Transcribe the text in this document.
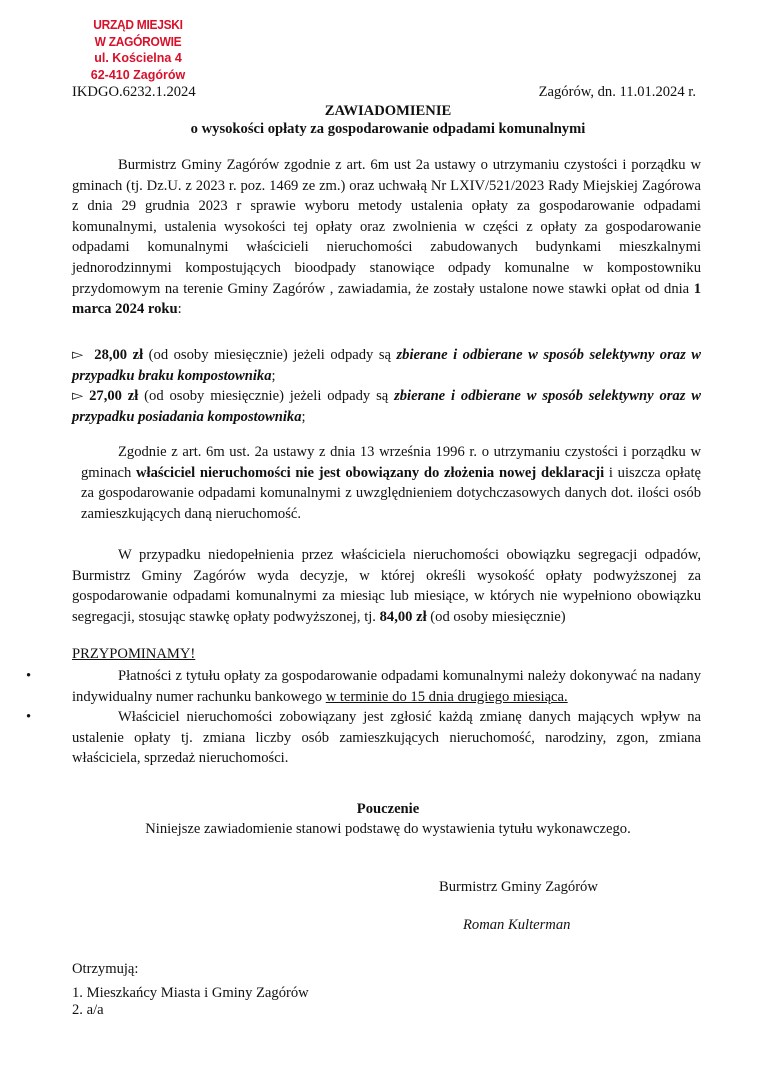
URZĄD MIEJSKI
W ZAGÓROWIE
ul. Kościelna 4
62-410 Zagórów
IKDGO.6232.1.2024	Zagórów, dn. 11.01.2024 r.
ZAWIADOMIENIE
o wysokości opłaty za gospodarowanie odpadami komunalnymi
Burmistrz Gminy Zagórów zgodnie z art. 6m ust 2a ustawy o utrzymaniu czystości i porządku w gminach (tj. Dz.U. z 2023 r. poz. 1469 ze zm.) oraz uchwałą Nr LXIV/521/2023 Rady Miejskiej Zagórowa z dnia 29 grudnia 2023 r sprawie wyboru metody ustalenia opłaty za gospodarowanie odpadami komunalnymi, ustalenia wysokości tej opłaty oraz zwolnienia w części z opłaty za gospodarowanie odpadami komunalnymi właścicieli nieruchomości zabudowanych budynkami mieszkalnymi jednorodzinnymi kompostujących bioodpady stanowiące odpady komunalne w kompostowniku przydomowym na terenie Gminy Zagórów , zawiadamia, że zostały ustalone nowe stawki opłat od dnia 1 marca 2024 roku:
▻ 28,00 zł (od osoby miesięcznie) jeżeli odpady są zbierane i odbierane w sposób selektywny oraz w przypadku braku kompostownika;
▻ 27,00 zł (od osoby miesięcznie) jeżeli odpady są zbierane i odbierane w sposób selektywny oraz w przypadku posiadania kompostownika;
Zgodnie z art. 6m ust. 2a ustawy z dnia 13 września 1996 r. o utrzymaniu czystości i porządku w gminach właściciel nieruchomości nie jest obowiązany do złożenia nowej deklaracji i uiszcza opłatę za gospodarowanie odpadami komunalnymi z uwzględnieniem dotychczasowych danych dot. ilości osób zamieszkujących daną nieruchomość.
W przypadku niedopełnienia przez właściciela nieruchomości obowiązku segregacji odpadów, Burmistrz Gminy Zagórów wyda decyzje, w której określi wysokość opłaty podwyższonej za gospodarowanie odpadami komunalnymi za miesiąc lub miesiące, w których nie wypełniono obowiązku segregacji, stosując stawkę opłaty podwyższonej, tj. 84,00 zł (od osoby miesięcznie)
PRZYPOMINAMY!
•	Płatności z tytułu opłaty za gospodarowanie odpadami komunalnymi należy dokonywać na nadany indywidualny numer rachunku bankowego w terminie do 15 dnia drugiego miesiąca.
•	Właściciel nieruchomości zobowiązany jest zgłosić każdą zmianę danych mających wpływ na ustalenie opłaty tj. zmiana liczby osób zamieszkujących nieruchomość, narodziny, zgon, zmiana właściciela, sprzedaż nieruchomości.
Pouczenie
Niniejsze zawiadomienie stanowi podstawę do wystawienia tytułu wykonawczego.
Burmistrz Gminy Zagórów
Roman Kulterman
Otrzymują:
1. Mieszkańcy Miasta i Gminy Zagórów
2. a/a
